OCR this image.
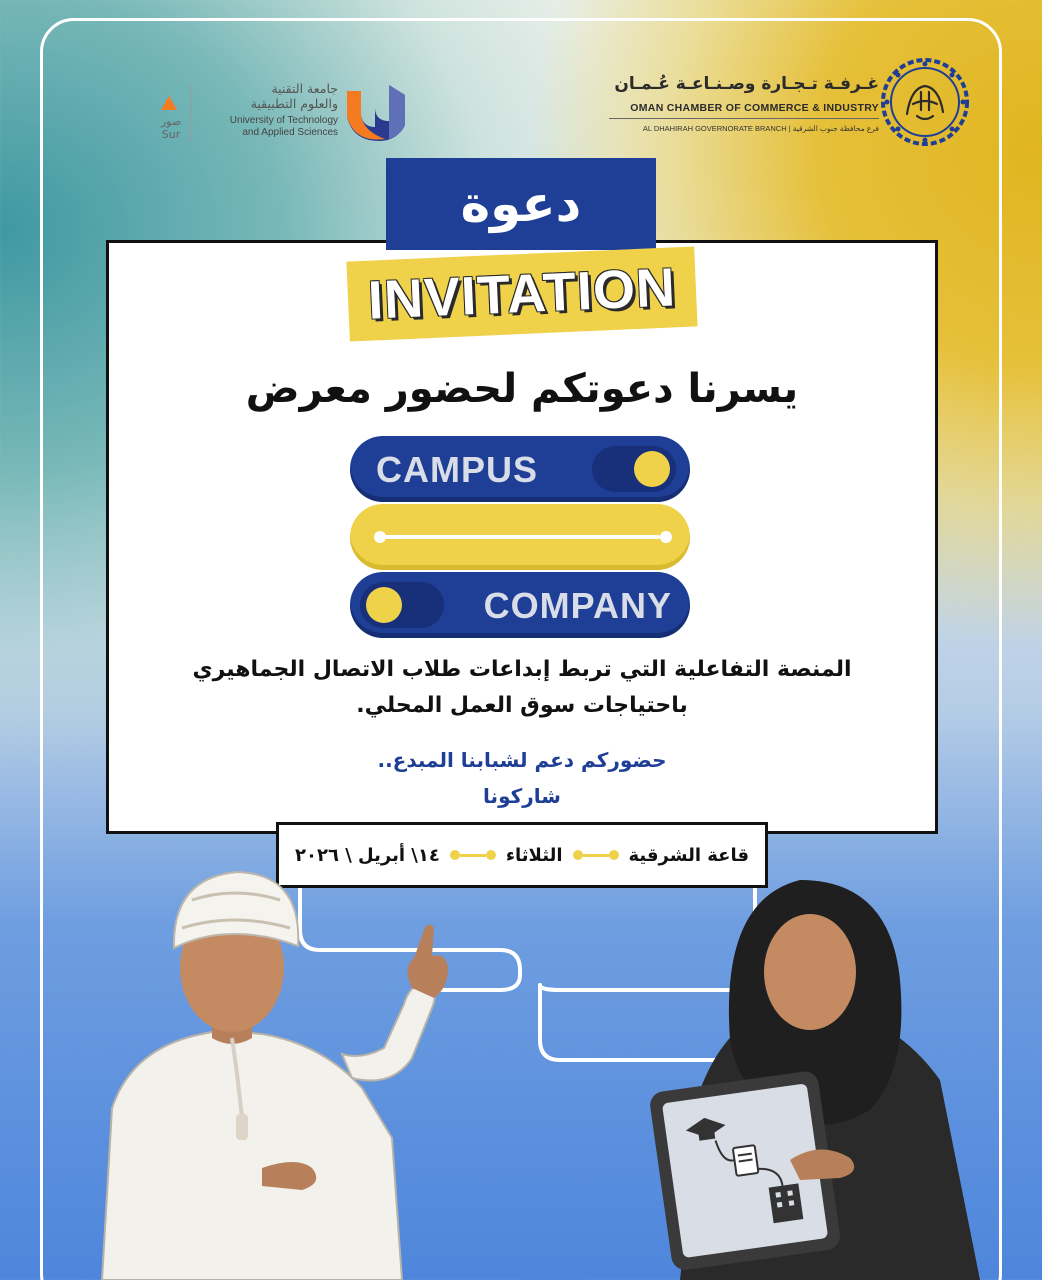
صور
Sur
جامعة التقنية
والعلوم التطبيقية
University of Technology
and Applied Sciences
غـرفـة تـجـارة وصـنـاعـة عُـمـان
OMAN CHAMBER OF COMMERCE & INDUSTRY
AL DHAHIRAH GOVERNORATE BRANCH | فرع محافظة جنوب الشرقية
دعوة
INVITATION
يسرنا دعوتكم لحضور معرض
CAMPUS
COMPANY
المنصة التفاعلية التي تربط إبداعات طلاب الاتصال الجماهيري
باحتياجات سوق العمل المحلي.
حضوركم دعم لشبابنا المبدع..
شاركونا
قاعة الشرقية
الثلاثاء
١٤\ أبريل \ ٢٠٢٦
